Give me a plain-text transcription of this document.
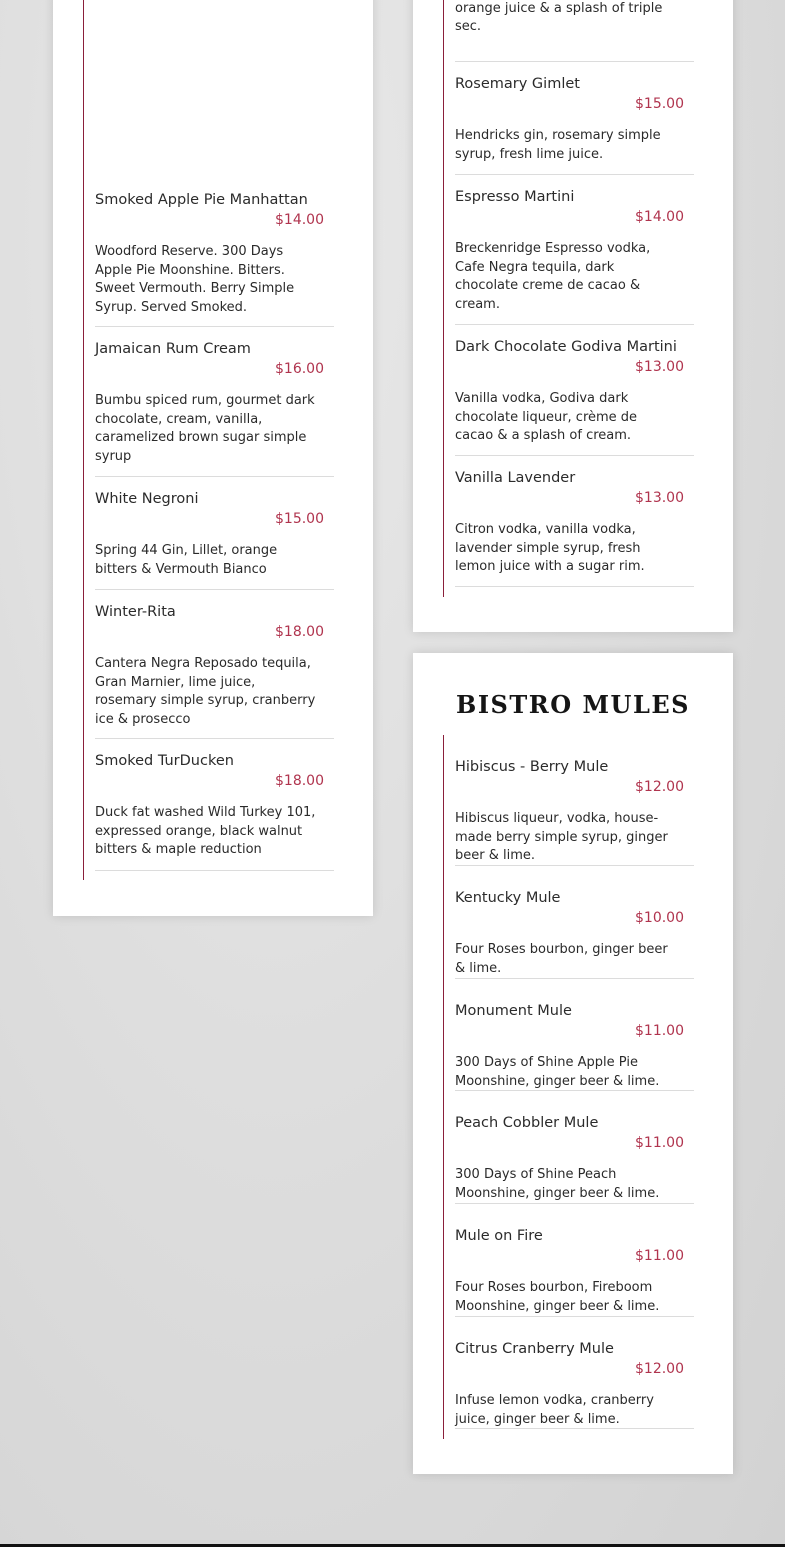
Smoked Apple Pie Manhattan
$14.00
Woodford Reserve. 300 Days Apple Pie Moonshine. Bitters. Sweet Vermouth. Berry Simple Syrup. Served Smoked.
Jamaican Rum Cream
$16.00
Bumbu spiced rum, gourmet dark chocolate, cream, vanilla, caramelized brown sugar simple syrup
White Negroni
$15.00
Spring 44 Gin, Lillet, orange bitters & Vermouth Bianco
Winter-Rita
$18.00
Cantera Negra Reposado tequila, Gran Marnier, lime juice, rosemary simple syrup, cranberry ice & prosecco
Smoked TurDucken
$18.00
Duck fat washed Wild Turkey 101, expressed orange, black walnut bitters & maple reduction
orange juice & a splash of triple sec.
Rosemary Gimlet
$15.00
Hendricks gin, rosemary simple syrup, fresh lime juice.
Espresso Martini
$14.00
Breckenridge Espresso vodka, Cafe Negra tequila, dark chocolate creme de cacao & cream.
Dark Chocolate Godiva Martini
$13.00
Vanilla vodka, Godiva dark chocolate liqueur, crème de cacao & a splash of cream.
Vanilla Lavender
$13.00
Citron vodka, vanilla vodka, lavender simple syrup, fresh lemon juice with a sugar rim.
BISTRO MULES
Hibiscus - Berry Mule
$12.00
Hibiscus liqueur, vodka, house-made berry simple syrup, ginger beer & lime.
Kentucky Mule
$10.00
Four Roses bourbon, ginger beer & lime.
Monument Mule
$11.00
300 Days of Shine Apple Pie Moonshine, ginger beer & lime.
Peach Cobbler Mule
$11.00
300 Days of Shine Peach Moonshine, ginger beer & lime.
Mule on Fire
$11.00
Four Roses bourbon, Fireboom Moonshine, ginger beer & lime.
Citrus Cranberry Mule
$12.00
Infuse lemon vodka, cranberry juice, ginger beer & lime.
